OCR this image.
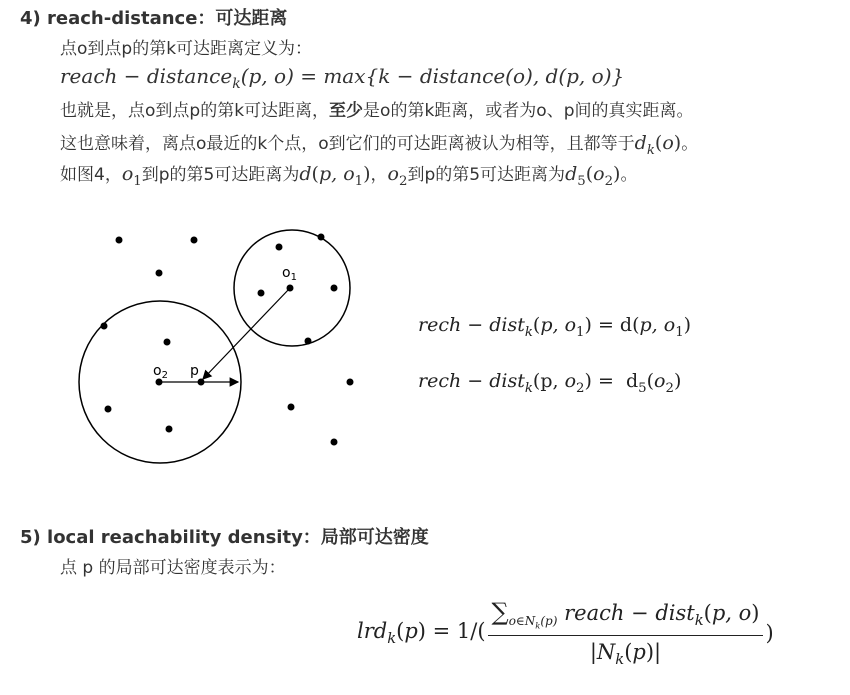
4) reach-distance：可达距离
点o到点p的第k可达距离定义为：
reach − distance$_k$(p, o) = max{k − distance(o), d(p, o)}
也就是，点o到点p的第k可达距离，至少是o的第k距离，或者为o、p间的真实距离。
这也意味着，离点o最近的k个点，o到它们的可达距离被认为相等，且都等于$d_k(o)$。
如图4，$o_1$到p的第5可达距离为d(p, $o_1$)，$o_2$到p的第5可达距离为$d_5(o_2)$。
$o_1$
$o_2$ p
rech − dist$_k$(p, $o_1) = d(p$, $o_1$)
rech − dist$_k$(p, $o_2) = d_5(o_2)$
5) local reachability density：局部可达密度
点 p 的局部可达密度表示为：
$lrd_k(p) = 1/( \frac{\sum_{o\in N_k(p)} reach - dist_k(p, o)}{|N_k(p)|}$ )
